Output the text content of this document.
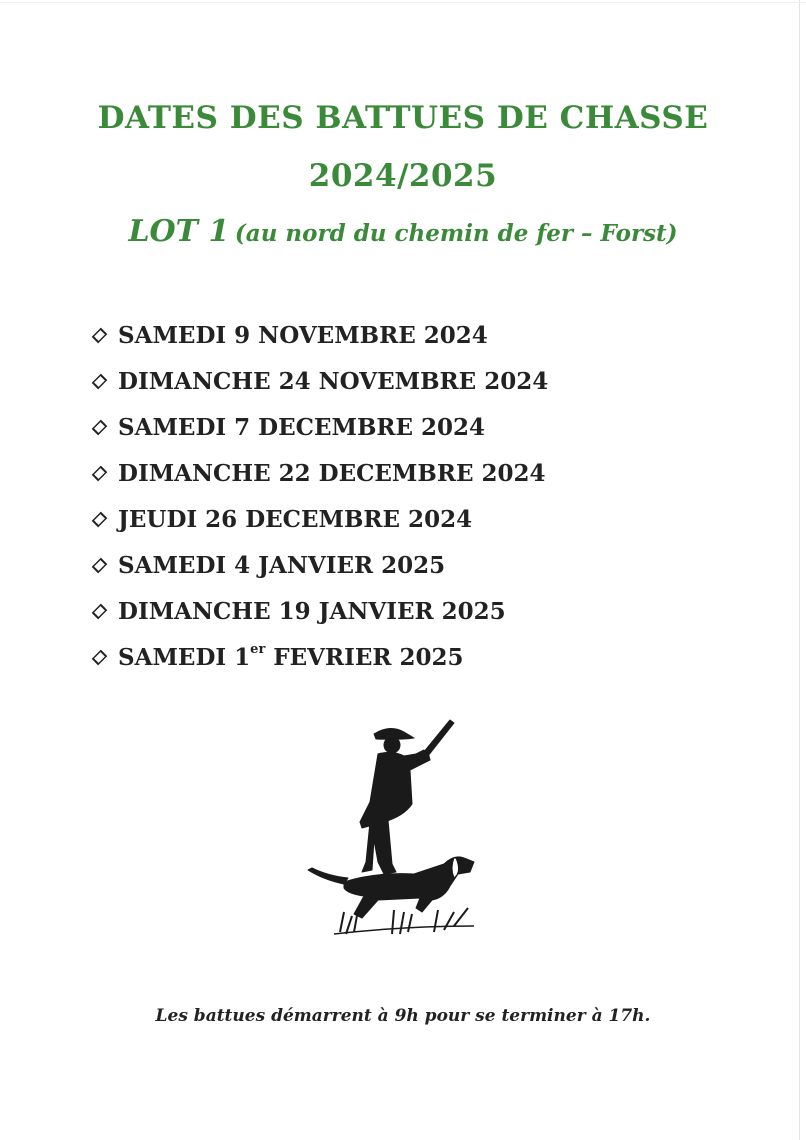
DATES DES BATTUES DE CHASSE
2024/2025
LOT 1 (au nord du chemin de fer – Forst)
SAMEDI 9 NOVEMBRE 2024
DIMANCHE 24 NOVEMBRE 2024
SAMEDI 7 DECEMBRE 2024
DIMANCHE 22 DECEMBRE 2024
JEUDI 26 DECEMBRE 2024
SAMEDI 4 JANVIER 2025
DIMANCHE 19 JANVIER 2025
SAMEDI 1er FEVRIER 2025
Les battues démarrent à 9h pour se terminer à 17h.
